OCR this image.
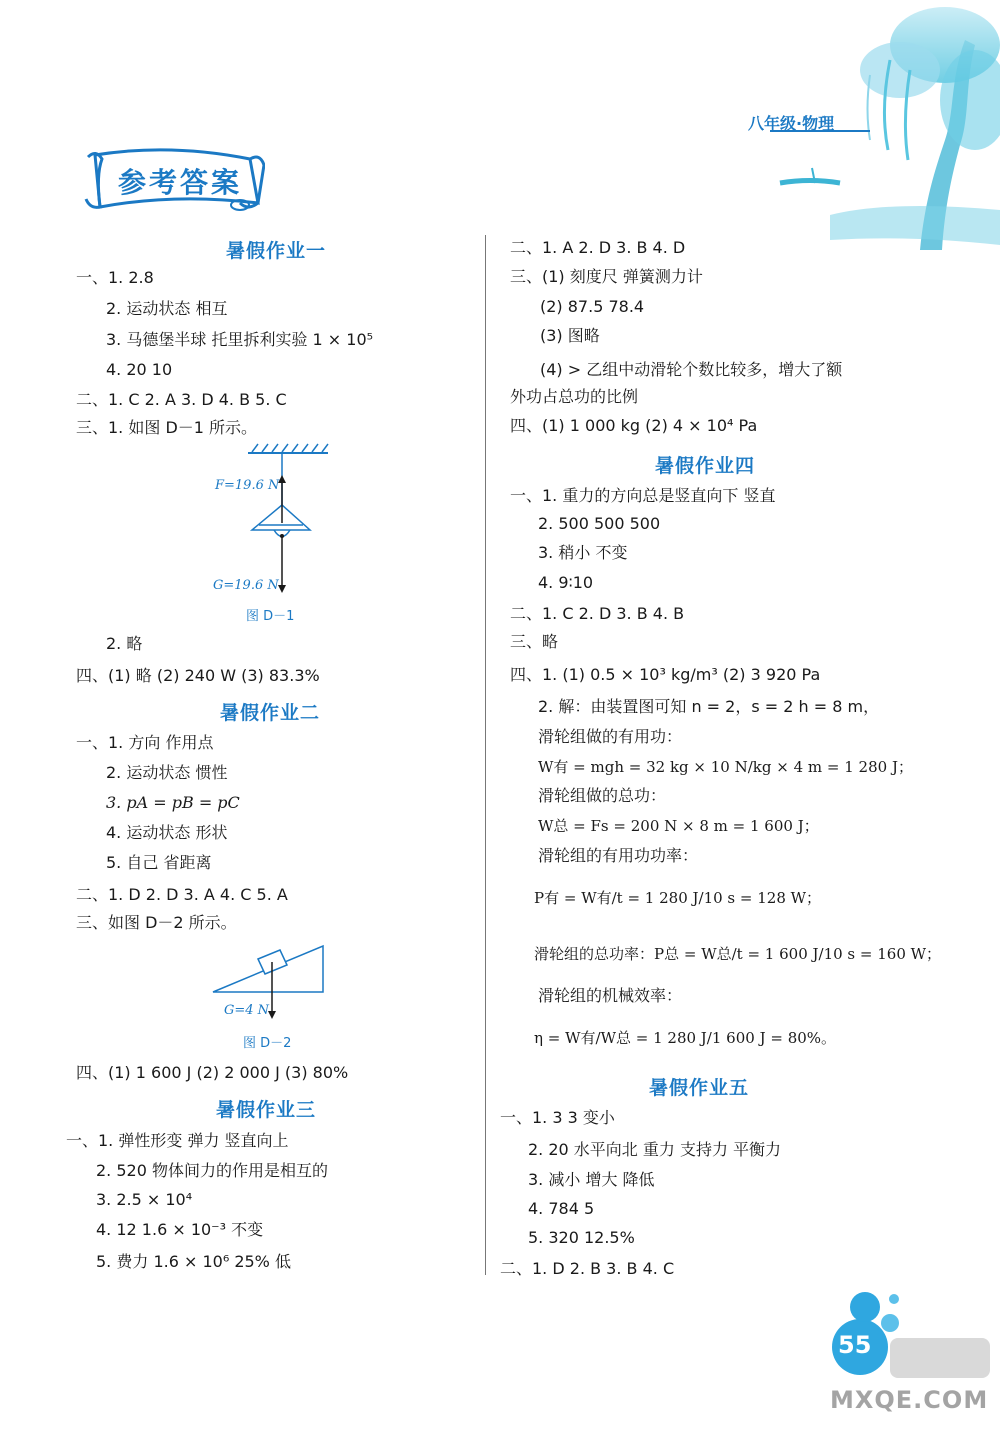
八年级·物理
参考答案
暑假作业一
一、1. 2.8
2. 运动状态 相互
3. 马德堡半球 托里拆利实验 1 × 10⁵
4. 20 10
二、1. C 2. A 3. D 4. B 5. C
三、1. 如图 D－1 所示。
F=19.6 N
G=19.6 N
图 D－1
2. 略
四、(1) 略 (2) 240 W (3) 83.3%
暑假作业二
一、1. 方向 作用点
2. 运动状态 惯性
3. pA = pB = pC
4. 运动状态 形状
5. 自己 省距离
二、1. D 2. D 3. A 4. C 5. A
三、如图 D－2 所示。
G=4 N
图 D－2
四、(1) 1 600 J (2) 2 000 J (3) 80%
暑假作业三
一、1. 弹性形变 弹力 竖直向上
2. 520 物体间力的作用是相互的
3. 2.5 × 10⁴
4. 12 1.6 × 10⁻³ 不变
5. 费力 1.6 × 10⁶ 25% 低
二、1. A 2. D 3. B 4. D
三、(1) 刻度尺 弹簧测力计
(2) 87.5 78.4
(3) 图略
(4) > 乙组中动滑轮个数比较多，增大了额
外功占总功的比例
四、(1) 1 000 kg (2) 4 × 10⁴ Pa
暑假作业四
一、1. 重力的方向总是竖直向下 竖直
2. 500 500 500
3. 稍小 不变
4. 9∶10
二、1. C 2. D 3. B 4. B
三、略
四、1. (1) 0.5 × 10³ kg/m³ (2) 3 920 Pa
2. 解：由装置图可知 n = 2，s = 2 h = 8 m，
滑轮组做的有用功：
W有 = mgh = 32 kg × 10 N/kg × 4 m = 1 280 J；
滑轮组做的总功：
W总 = Fs = 200 N × 8 m = 1 600 J；
滑轮组的有用功功率：
P有 = W有/t = 1 280 J/10 s = 128 W；
滑轮组的总功率：P总 = W总/t = 1 600 J/10 s = 160 W；
滑轮组的机械效率：
η = W有/W总 = 1 280 J/1 600 J = 80%。
暑假作业五
一、1. 3 3 变小
2. 20 水平向北 重力 支持力 平衡力
3. 减小 增大 降低
4. 784 5
5. 320 12.5%
二、1. D 2. B 3. B 4. C
55
MXQE.COM
